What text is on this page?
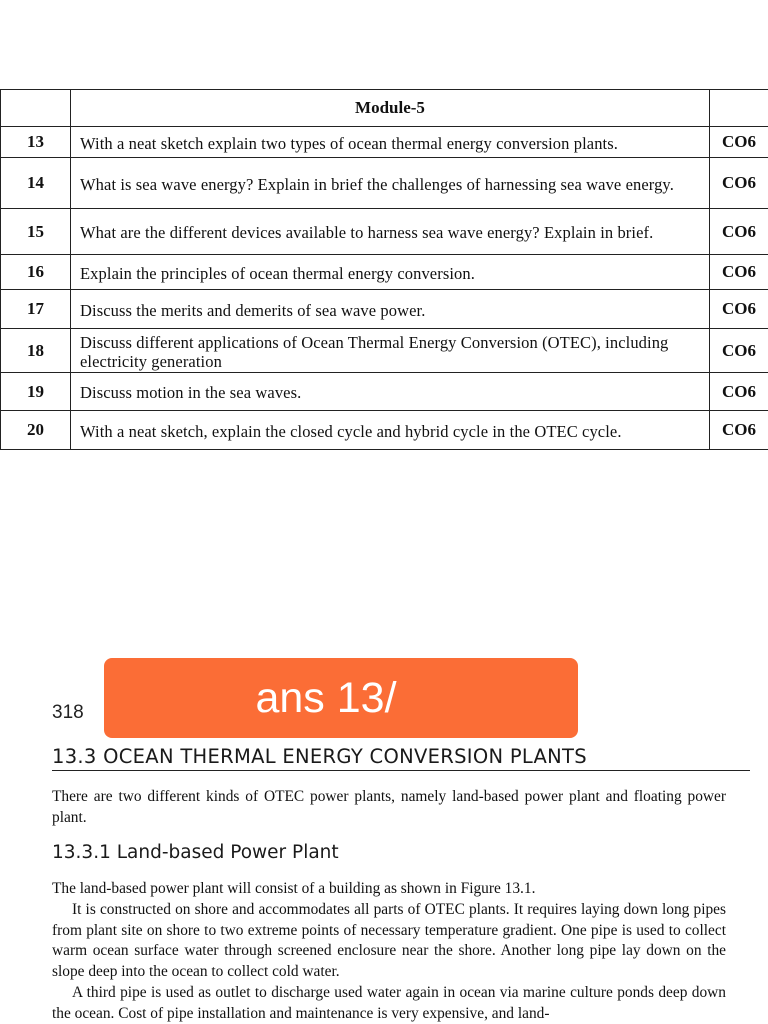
	Module-5	
13	With a neat sketch explain two types of ocean thermal energy conversion plants.	CO6
14	What is sea wave energy? Explain in brief the challenges of harnessing sea wave energy.	CO6
15	What are the different devices available to harness sea wave energy? Explain in brief.	CO6
16	Explain the principles of ocean thermal energy conversion.	CO6
17	Discuss the merits and demerits of sea wave power.	CO6
18	Discuss different applications of Ocean Thermal Energy Conversion (OTEC), including electricity generation	CO6
19	Discuss motion in the sea waves.	CO6
20	With a neat sketch, explain the closed cycle and hybrid cycle in the OTEC cycle.	CO6
318	ans 13/
13.3 OCEAN THERMAL ENERGY CONVERSION PLANTS

There are two different kinds of OTEC power plants, namely land-based power plant and floating power plant.

13.3.1 Land-based Power Plant

The land-based power plant will consist of a building as shown in Figure 13.1.

It is constructed on shore and accommodates all parts of OTEC plants. It requires laying down long pipes from plant site on shore to two extreme points of necessary temperature gradient. One pipe is used to collect warm ocean surface water through screened enclosure near the shore. Another long pipe lay down on the slope deep into the ocean to collect cold water.

A third pipe is used as outlet to discharge used water again in ocean via marine culture ponds deep down the ocean. Cost of pipe installation and maintenance is very expensive, and land-
